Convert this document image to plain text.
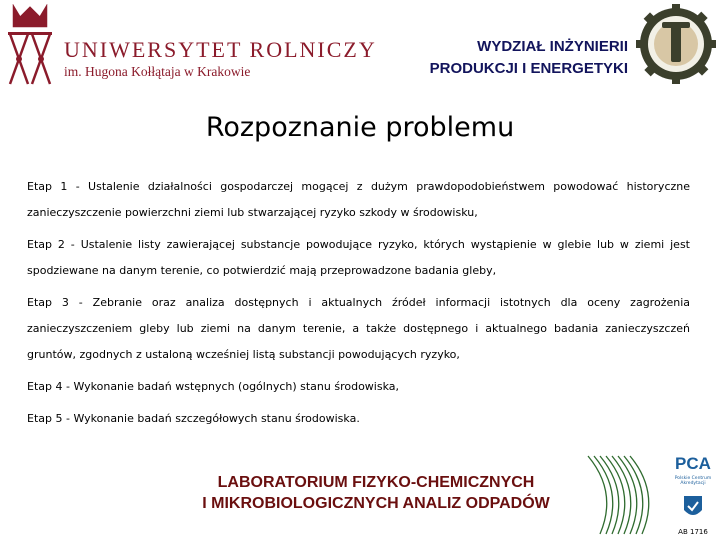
UNIWERSYTET ROLNICZY
im. Hugona Kołłątaja w Krakowie
WYDZIAŁ INŻYNIERII
PRODUKCJI I ENERGETYKI
Rozpoznanie problemu

Etap 1 - Ustalenie działalności gospodarczej mogącej z dużym prawdopodobieństwem powodować historyczne zanieczyszczenie powierzchni ziemi lub stwarzającej ryzyko szkody w środowisku,

Etap 2 - Ustalenie listy zawierającej substancje powodujące ryzyko, których wystąpienie w glebie lub w ziemi jest spodziewane na danym terenie, co potwierdzić mają przeprowadzone badania gleby,

Etap 3 - Zebranie oraz analiza dostępnych i aktualnych źródeł informacji istotnych dla oceny zagrożenia zanieczyszczeniem gleby lub ziemi na danym terenie, a także dostępnego i aktualnego badania zanieczyszczeń gruntów, zgodnych z ustaloną wcześniej listą substancji powodujących ryzyko,

Etap 4 - Wykonanie badań wstępnych (ogólnych) stanu środowiska,

Etap 5 - Wykonanie badań szczegółowych stanu środowiska.

LABORATORIUM FIZYKO-CHEMICZNYCH
I MIKROBIOLOGICZNYCH ANALIZ ODPADÓW
PCA
Polskie Centrum Akredytacji
AB 1716
